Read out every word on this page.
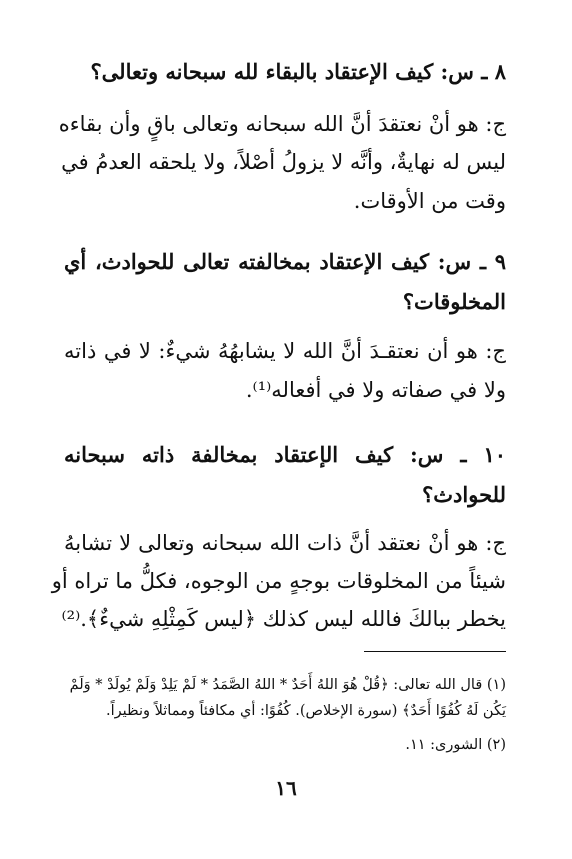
٨ ـ س: كيف الإعتقاد بالبقاء لله سبحانه وتعالى؟
ج: هو أنْ نعتقدَ أنَّ الله سبحانه وتعالى باقٍ وأن بقاءه
ليس له نهايةٌ، وأنَّه لا يزولُ أصْلاً، ولا يلحقه العدمُ في
وقت من الأوقات.
٩ ـ س: كيف الإعتقاد بمخالفته تعالى للحوادث، أي
المخلوقات؟
ج: هو أن نعتقـدَ أنَّ الله لا يشابهُهُ شيءٌ: لا في ذاته
ولا في صفاته ولا في أفعاله⁽¹⁾.
١٠ ـ س: كيف الإعتقاد بمخالفة ذاته سبحانه
للحوادث؟
ج: هو أنْ نعتقد أنَّ ذات الله سبحانه وتعالى لا تشابهُ
شيئاً من المخلوقات بوجهٍ من الوجوه، فكلُّ ما تراه أو
يخطر ببالكَ فالله ليس كذلك ﴿ليس كَمِثْلِهِ شيءٌ﴾.⁽²⁾
(١) قال الله تعالى: ﴿قُلْ هُوَ اللهُ أَحَدٌ * اللهُ الصَّمَدُ * لَمْ يَلِدْ وَلَمْ يُولَدْ * وَلَمْ
يَكُن لَهُ كُفُوًا أَحَدٌ﴾ (سورة الإخلاص). كُفُوًا: أي مكافئاً ومماثلاً ونظيراً.
(٢) الشورى: ١١.
١٦
